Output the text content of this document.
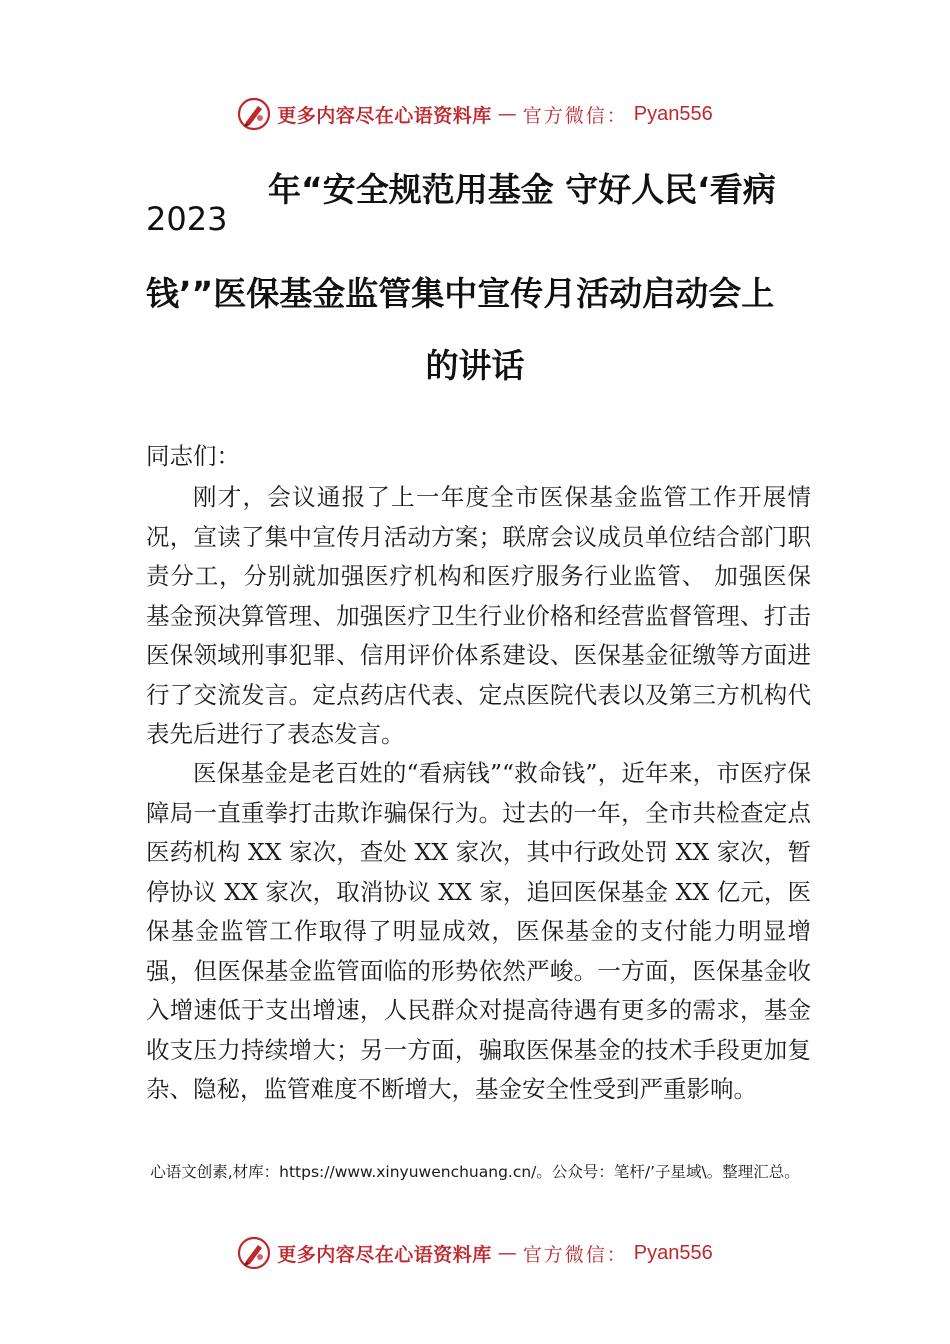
更多内容尽在心语资料库 — 官方微信： Pyan556
年“安全规范用基金 守好人民‘看病
2023
钱’”医保基金监管集中宣传月活动启动会上
的讲话
同志们：
刚才，会议通报了上一年度全市医保基金监管工作开展情况，宣读了集中宣传月活动方案；联席会议成员单位结合部门职责分工，分别就加强医疗机构和医疗服务行业监管、 加强医保基金预决算管理、加强医疗卫生行业价格和经营监督管理、打击医保领域刑事犯罪、信用评价体系建设、医保基金征缴等方面进行了交流发言。定点药店代表、定点医院代表以及第三方机构代表先后进行了表态发言。
医保基金是老百姓的“看病钱”“救命钱”，近年来，市医疗保障局一直重拳打击欺诈骗保行为。过去的一年，全市共检查定点医药机构 XX 家次，查处 XX 家次，其中行政处罚 XX 家次，暂停协议 XX 家次，取消协议 XX 家，追回医保基金 XX 亿元，医保基金监管工作取得了明显成效，医保基金的支付能力明显增强，但医保基金监管面临的形势依然严峻。一方面，医保基金收入增速低于支出增速，人民群众对提高待遇有更多的需求，基金收支压力持续增大；另一方面，骗取医保基金的技术手段更加复杂、隐秘，监管难度不断增大，基金安全性受到严重影响。
心语文创素,材库：https://www.xinyuwenchuang.cn/。公众号：笔杆/’子星域\。整理汇总。
更多内容尽在心语资料库 — 官方微信： Pyan556
